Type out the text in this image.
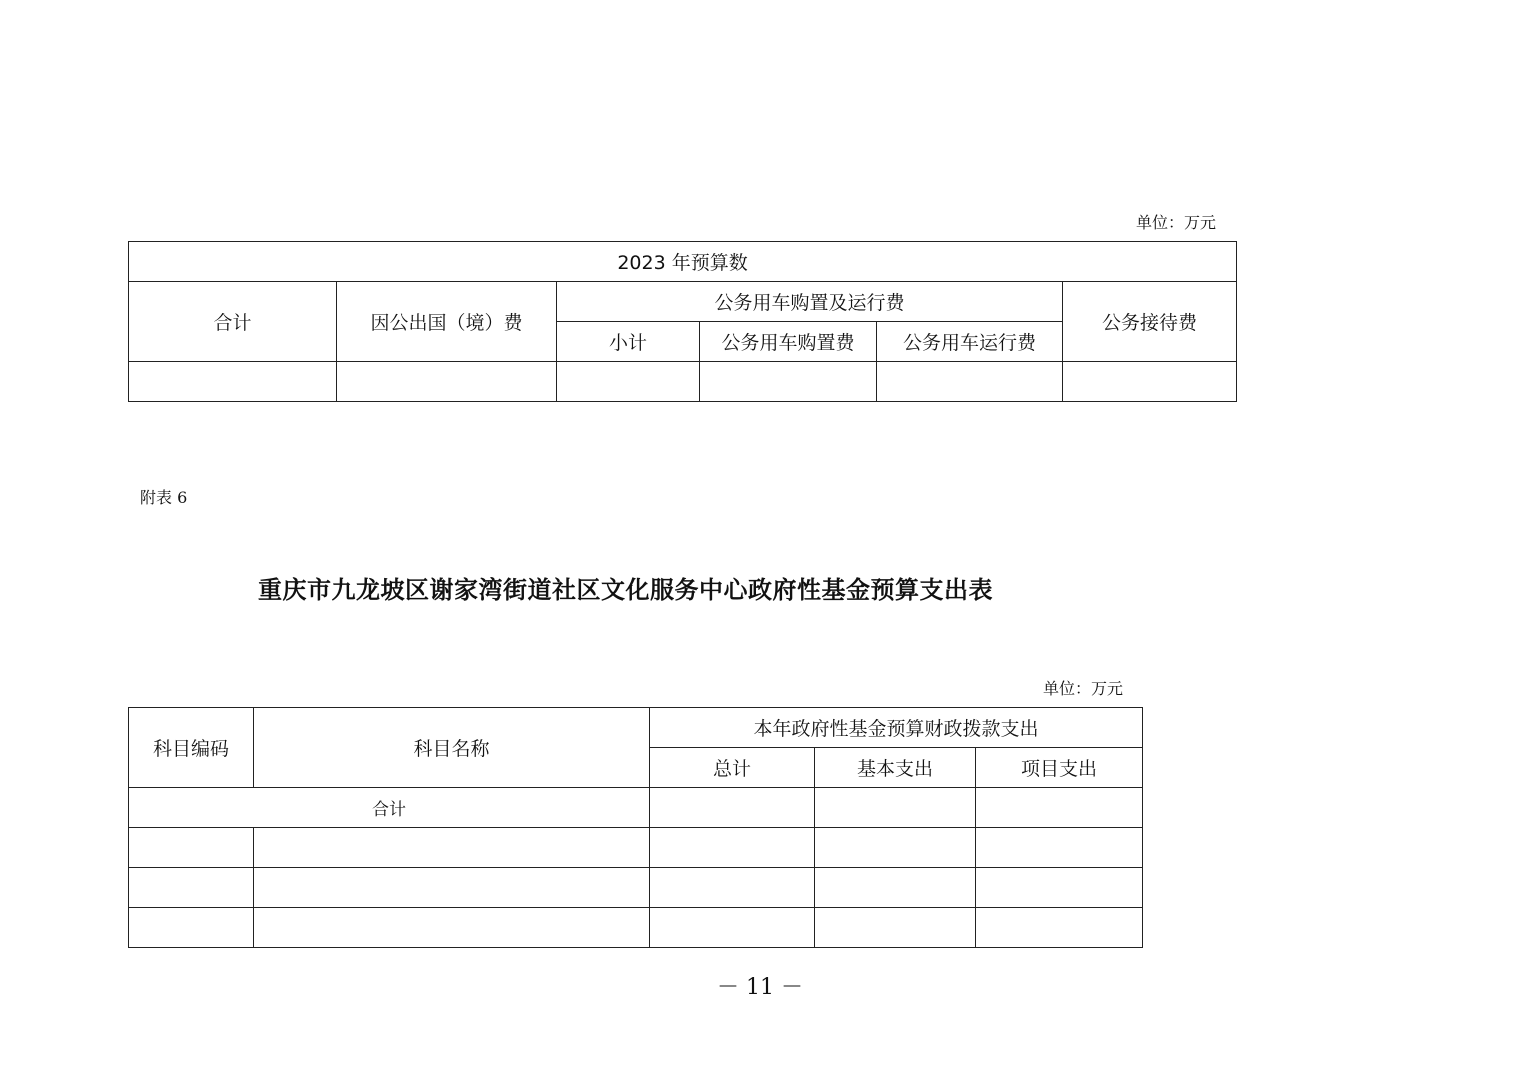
单位：万元
2023 年预算数					
合计	因公出国（境）费	公务用车购置及运行费			公务接待费
		小计	公务用车购置费	公务用车运行费	

附表 6
重庆市九龙坡区谢家湾街道社区文化服务中心政府性基金预算支出表
单位：万元
科目编码	科目名称	本年政府性基金预算财政拨款支出		
		总计	基本支出	项目支出
合计				

－ 11 －
